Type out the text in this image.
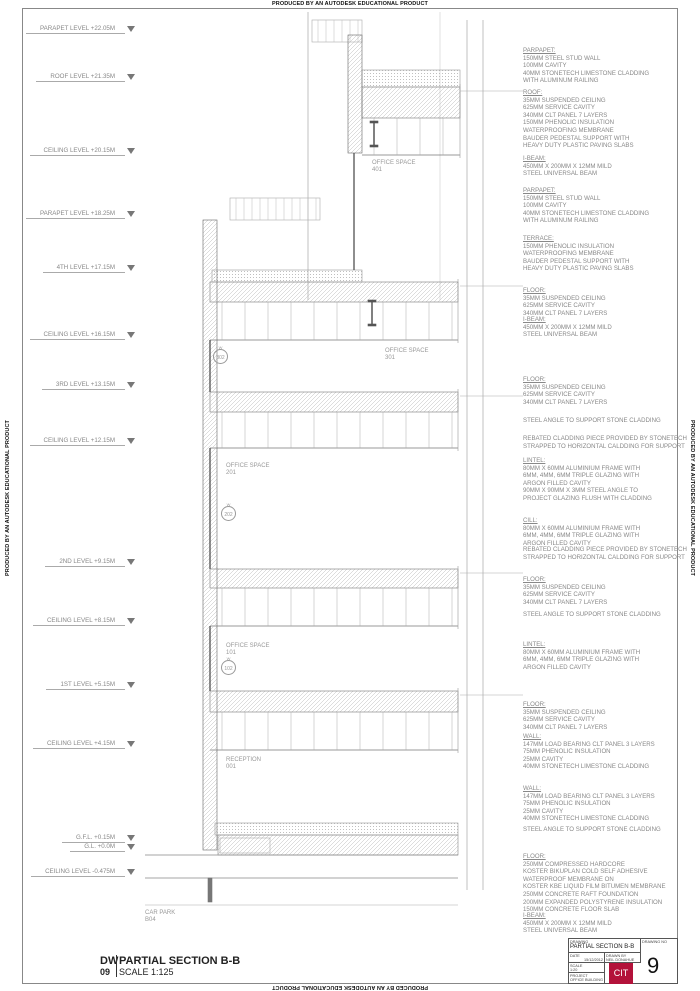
PRODUCED BY AN AUTODESK EDUCATIONAL PRODUCT
PRODUCED BY AN AUTODESK EDUCATIONAL PRODUCT
PRODUCED BY AN AUTODESK EDUCATIONAL PRODUCT	PRODUCED BY AN AUTODESK EDUCATIONAL PRODUCT
PARAPET LEVEL +22.05M
ROOF LEVEL +21.35M
CEILING LEVEL +20.15M
PARAPET LEVEL +18.25M
4TH LEVEL +17.15M
CEILING LEVEL +16.15M
3RD LEVEL +13.15M
CEILING LEVEL +12.15M
2ND LEVEL +9.15M
CEILING LEVEL +8.15M
1ST LEVEL +5.15M
CEILING LEVEL +4.15M
G.F.L. +0.15M
G.L. +0.0M
CEILING LEVEL -0.475M
PARPAPET:
150MM STEEL STUD WALL
100MM CAVITY
40MM STONETECH LIMESTONE CLADDING
WITH ALUMINUM RAILING
ROOF:
35MM SUSPENDED CEILING
625MM SERVICE CAVITY
340MM CLT PANEL 7 LAYERS
150MM PHENOLIC INSULATION
WATERPROOFING MEMBRANE
BAUDER PEDESTAL SUPPORT WITH
HEAVY DUTY PLASTIC PAVING SLABS
I-BEAM:
450MM X 200MM X 12MM MILD
STEEL UNIVERSAL BEAM
PARPAPET:
150MM STEEL STUD WALL
100MM CAVITY
40MM STONETECH LIMESTONE CLADDING
WITH ALUMINUM RAILING
TERRACE:
150MM PHENOLIC INSULATION
WATERPROOFING MEMBRANE
BAUDER PEDESTAL SUPPORT WITH
HEAVY DUTY PLASTIC PAVING SLABS
FLOOR:
35MM SUSPENDED CEILING
625MM SERVICE CAVITY
340MM CLT PANEL 7 LAYERS
I-BEAM:
450MM X 200MM X 12MM MILD
STEEL UNIVERSAL BEAM
FLOOR:
35MM SUSPENDED CEILING
625MM SERVICE CAVITY
340MM CLT PANEL 7 LAYERS
STEEL ANGLE TO SUPPORT STONE CLADDING
REBATED CLADDING PIECE PROVIDED BY STONETECH
STRAPPED TO HORIZONTAL CALDDING FOR SUPPORT
LINTEL:
80MM X 60MM ALUMINIUM FRAME WITH
6MM, 4MM, 6MM TRIPLE GLAZING WITH
ARGON FILLED CAVITY
90MM X 90MM X 3MM STEEL ANGLE TO
PROJECT GLAZING FLUSH WITH CLADDING
CILL:
80MM X 60MM ALUMINIUM FRAME WITH
6MM, 4MM, 6MM TRIPLE GLAZING WITH
ARGON FILLED CAVITY
REBATED CLADDING PIECE PROVIDED BY STONETECH
STRAPPED TO HORIZONTAL CALDDING FOR SUPPORT
FLOOR:
35MM SUSPENDED CEILING
625MM SERVICE CAVITY
340MM CLT PANEL 7 LAYERS
STEEL ANGLE TO SUPPORT STONE CLADDING
LINTEL:
80MM X 60MM ALUMINIUM FRAME WITH
6MM, 4MM, 6MM TRIPLE GLAZING WITH
ARGON FILLED CAVITY
FLOOR:
35MM SUSPENDED CEILING
625MM SERVICE CAVITY
340MM CLT PANEL 7 LAYERS
WALL:
147MM LOAD BEARING CLT PANEL 3 LAYERS
75MM PHENOLIC INSULATION
25MM CAVITY
40MM STONETECH LIMESTONE CLADDING
WALL:
147MM LOAD BEARING CLT PANEL 3 LAYERS
75MM PHENOLIC INSULATION
25MM CAVITY
40MM STONETECH LIMESTONE CLADDING
STEEL ANGLE TO SUPPORT STONE CLADDING
FLOOR:
250MM COMPRESSED HARDCORE
KOSTER BIKUPLAN COLD SELF ADHESIVE
WATERPROOF MEMBRANE ON
KOSTER KBE LIQUID FILM BITUMEN MEMBRANE
250MM CONCRETE RAFT FOUNDATION
200MM EXPANDED POLYSTYRENE INSULATION
150MM CONCRETE FLOOR SLAB
I-BEAM:
450MM X 200MM X 12MM MILD
STEEL UNIVERSAL BEAM
OFFICE SPACE
401
OFFICE SPACE
301
OFFICE SPACE
201
OFFICE SPACE
101
RECEPTION
001
CAR PARK
B04
W 302
W 202
W 102
DWPARTIAL SECTION B-B
09 SCALE 1:125
DRAWING
PARTIAL SECTION B-B
DRAWING NO
9
DATE
15/12/2012
DRAWN BY
NEIL DONAHUE
SCALE
1:20
PROJECT
OFFICE BUILDING
CIT
